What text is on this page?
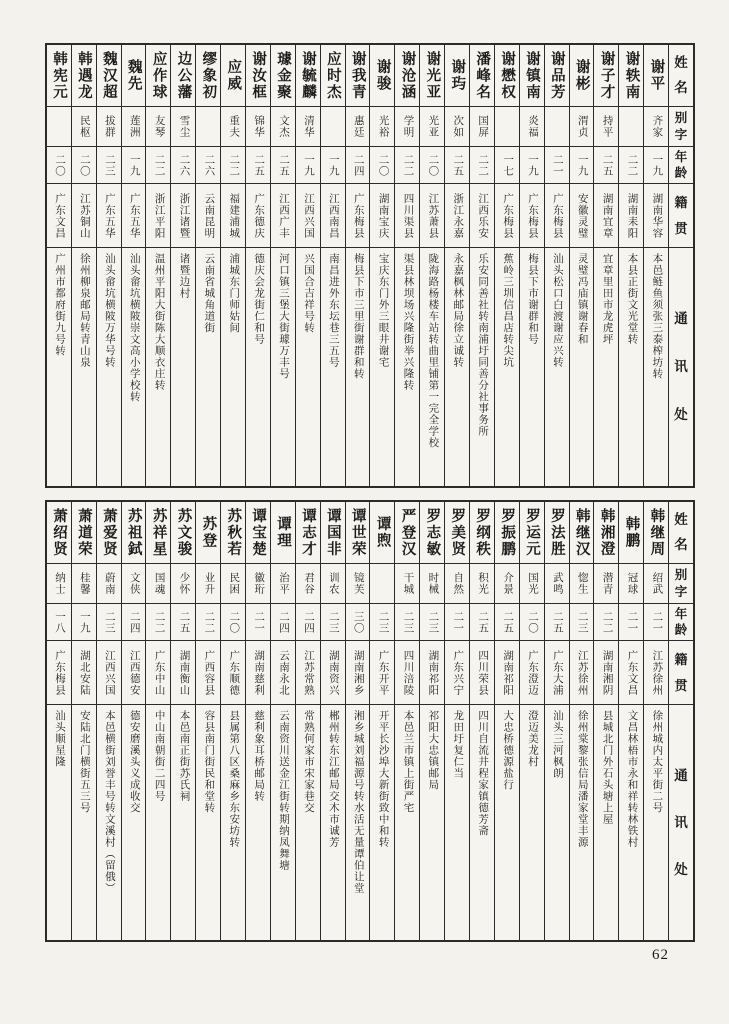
姓
名
别
字
年
龄
籍
贯
通
讯
处
谢平
齐家
一九
湖南华容
本邑鲢鱼须张三泰榨坊转
谢轶南
二二
湖南耒阳
本县正街文光堂转
谢子才
持平
二五
湖南宜章
宜章里田市龙虎坪
谢彬
渭贞
一九
安徽灵璧
灵璧冯庙镇谢春和
谢品芳
二一
广东梅县
汕头松口白渡谢应兴转
谢镇南
炎福
一九
广东梅县
梅县下市谢群和号
谢懋权
一七
广东梅县
蕉岭三圳信昌店转尖坑
潘峰名
国屏
二二
江西乐安
乐安同善社转南浦圩同善分社事务所
谢玙
次如
二五
浙江永嘉
永嘉枫林邮局徐立诚转
谢光亚
光亚
二〇
江苏萧县
陇海路杨楼车站转曲里铺第一完全学校
谢沧涵
学明
二二
四川渠县
渠县林坝场兴隆街举兴隆转
谢骏
光裕
二〇
湖南宝庆
宝庆东门外三眼井谢宅
谢我青
惠廷
二四
广东梅县
梅县下市三里街谢群和转
应时杰
一九
江西南昌
南昌进外东坛巷三五号
谢毓麟
清华
一九
江西兴国
兴国合吉祥号转
璩金聚
文杰
二五
江西广丰
河口镇三堡大街璩万丰号
谢汝框
锦华
二五
广东德庆
德庆会龙街仁和号
应威
重夫
二二
福建浦城
浦城东门师姑间
缪象初
二六
云南昆明
云南省城角道街
边公藩
雪尘
二六
浙江诸暨
诸暨边村
应作球
友琴
二二
浙江平阳
温州平阳大街陈大顺衣庄转
魏先
莲洲
一九
广东五华
汕头畲坑横陂崇文高小学校转
魏汉超
拔群
二三
广东五华
汕头畲坑横陂万华号转
韩遇龙
民枢
二〇
江苏铜山
徐州柳泉邮局转青山泉
韩宪元
二〇
广东文昌
广州市都府街九号转
姓
名
别
字
年
龄
籍
贯
通
讯
处
韩继周
绍武
二一
江苏徐州
徐州城内太平街二号
韩鹏
冠球
二一
广东文昌
文昌林梧市永和祥转林铁村
韩湘澄
潜青
二二
湖南湘阴
县城北门外石头塘上屋
韩继汉
惚生
二三
江苏徐州
徐州棠黎张信局潘家堂丰源
罗法胜
武鸣
二五
广东大浦
汕头三河枫朗
罗运元
国光
二〇
广东澄迈
澄迈美龙村
罗振鹏
介景
二五
湖南祁阳
大忠桥德源盐行
罗纲秩
积光
二五
四川荣县
四川自流井程家镇德芳斋
罗美贤
自然
二一
广东兴宁
龙田圩复仁当
罗志敏
时械
二三
湖南祁阳
祁阳大忠镇邮局
严登汉
干城
二三
四川涪陵
本邑兰市镇上街严宅
谭煦
二三
广东开平
开平长沙埠大新街致中和转
谭世荣
镜芙
三〇
湖南湘乡
湘乡城刘福源号转水活无量谭伯让堂
谭国非
训农
二三
湖南资兴
郴州转东江邮局交木市诚芳
谭志才
君谷
二四
江苏常熟
常熟何家市宋家巷交
谭理
治平
二四
云南永北
云南资川送金江街转期纳凤舞塘
谭宝楚
徽珩
二一
湖南慈利
慈利象耳桥邮局转
苏秋若
民困
二〇
广东顺德
县属第八区桑麻乡东安坊转
苏登
业升
二二
广西容县
容县南门街民和堂转
苏文骏
少怀
二五
湖南衡山
本邑南正街苏氏祠
苏祥星
国魂
二二
广东中山
中山南朝街二四号
苏祖鉽
文侠
二四
江西德安
德安磨溪头义成收交
萧爱贤
蔚南
二三
江西兴国
本邑横街刘誉丰号转文溪村（留俄）
萧道荣
桂馨
一九
湖北安陆
安陆北门横街五三号
萧绍贤
纳士
一八
广东梅县
汕头顺星隆
62
